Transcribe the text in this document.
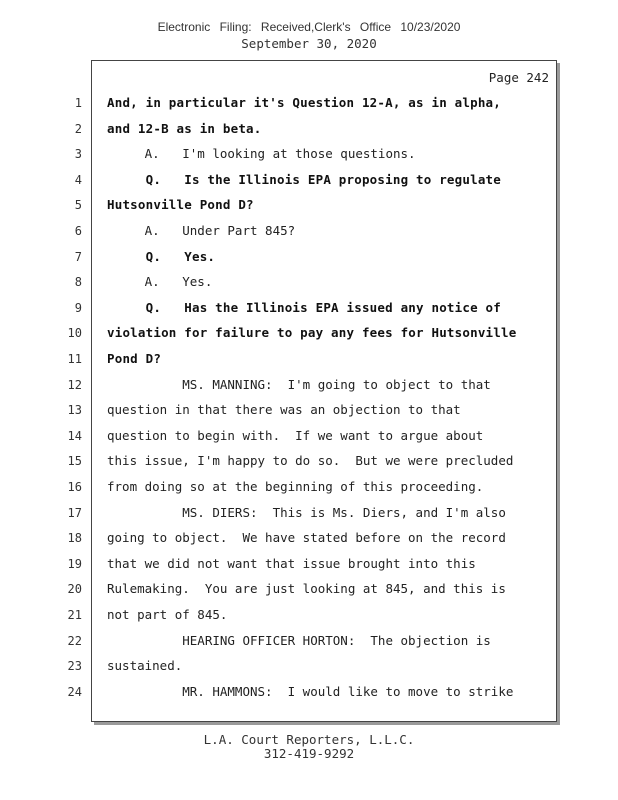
Electronic Filing: Received,Clerk's Office 10/23/2020
September 30, 2020
Page 242
1 And, in particular it's Question 12-A, as in alpha,
2 and 12-B as in beta.
3 A.   I'm looking at those questions.
4 Q.   Is the Illinois EPA proposing to regulate
5 Hutsonville Pond D?
6 A.   Under Part 845?
7 Q.   Yes.
8 A.   Yes.
9 Q.   Has the Illinois EPA issued any notice of
10 violation for failure to pay any fees for Hutsonville
11 Pond D?
12 MS. MANNING:  I'm going to object to that
13 question in that there was an objection to that
14 question to begin with.  If we want to argue about
15 this issue, I'm happy to do so.  But we were precluded
16 from doing so at the beginning of this proceeding.
17 MS. DIERS:  This is Ms. Diers, and I'm also
18 going to object.  We have stated before on the record
19 that we did not want that issue brought into this
20 Rulemaking.  You are just looking at 845, and this is
21 not part of 845.
22 HEARING OFFICER HORTON:  The objection is
23 sustained.
24 MR. HAMMONS:  I would like to move to strike
L.A. Court Reporters, L.L.C.
312-419-9292
